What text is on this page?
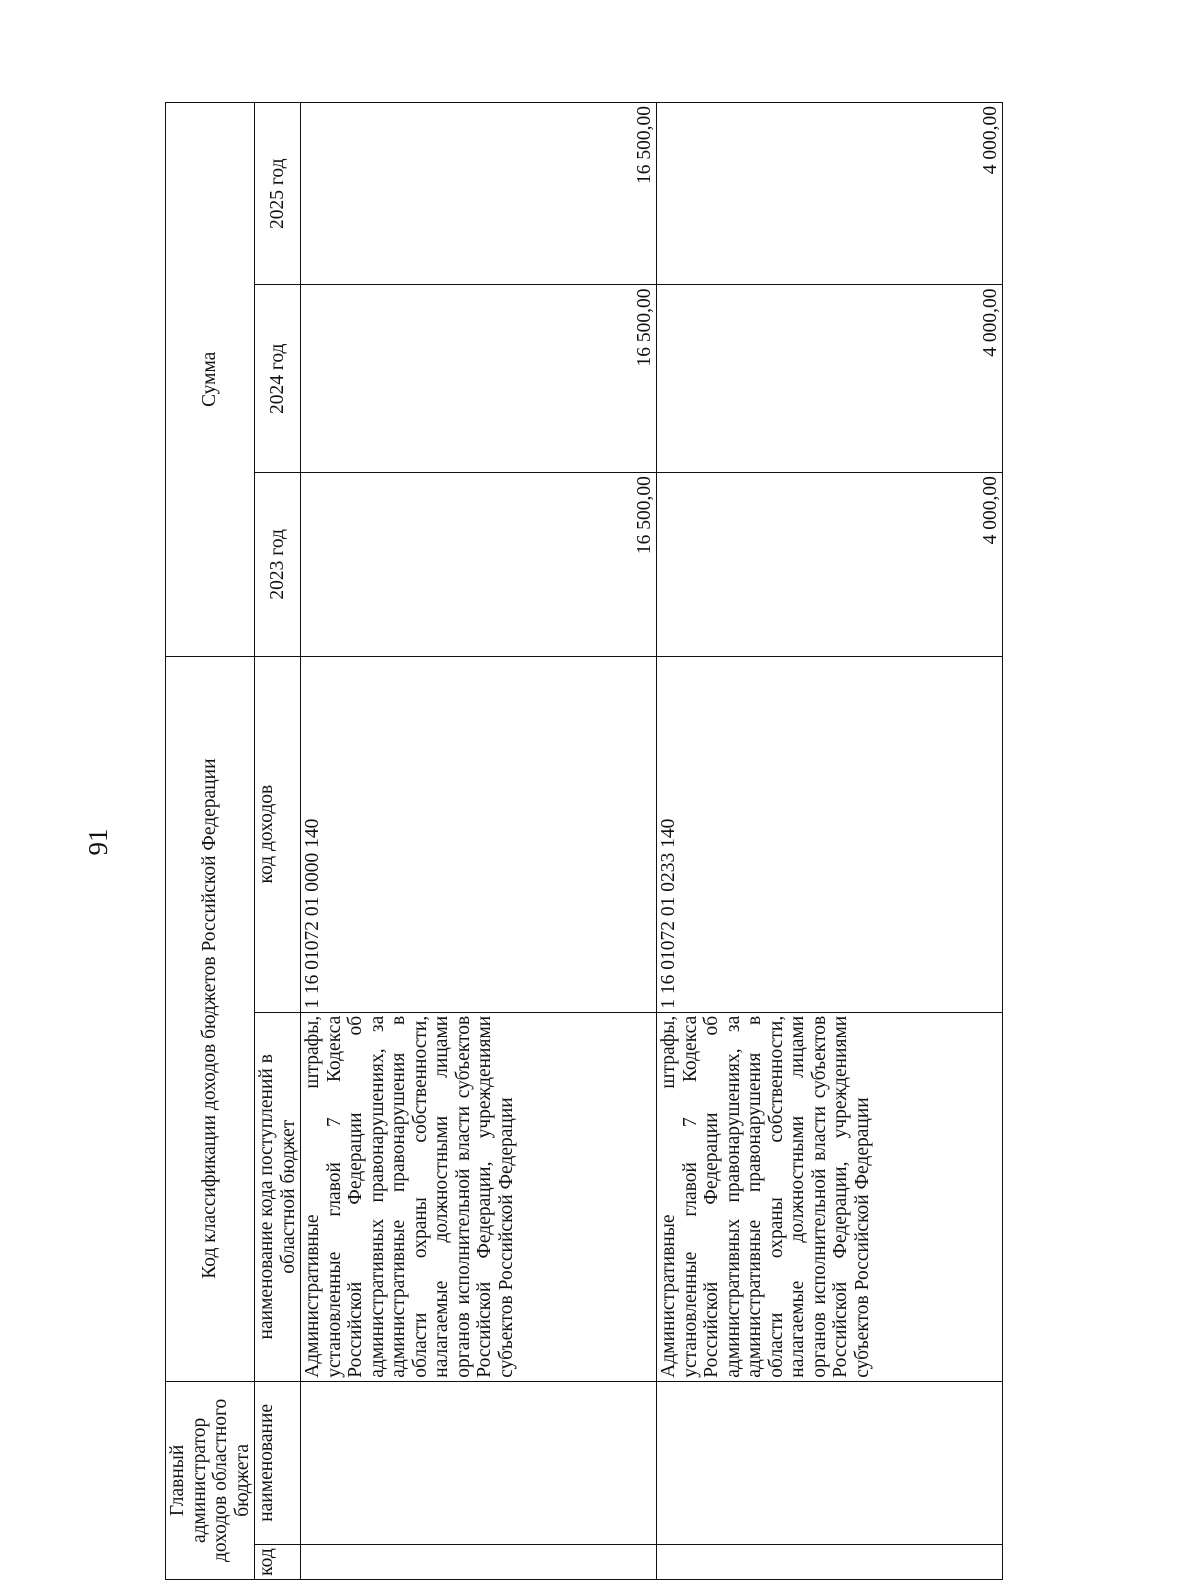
91
Главный администратор доходов областного бюджета		Код классификации доходов бюджетов Российской Федерации		Сумма		
код	наименование	наименование кода поступлений в областной бюджет	код доходов	2023 год	2024 год	2025 год
		Административные штрафы, установленные главой 7 Кодекса Российской Федерации об административных правонарушениях, за административные правонарушения в области охраны собственности, налагаемые должностными лицами органов исполнительной власти субъектов Российской Федерации, учреждениями субъектов Российской Федерации	1 16 01072 01 0000 140	16 500,00	16 500,00	16 500,00
		Административные штрафы, установленные главой 7 Кодекса Российской Федерации об административных правонарушениях, за административные правонарушения в области охраны собственности, налагаемые должностными лицами органов исполнительной власти субъектов Российской Федерации, учреждениями субъектов Российской Федерации	1 16 01072 01 0233 140	4 000,00	4 000,00	4 000,00
